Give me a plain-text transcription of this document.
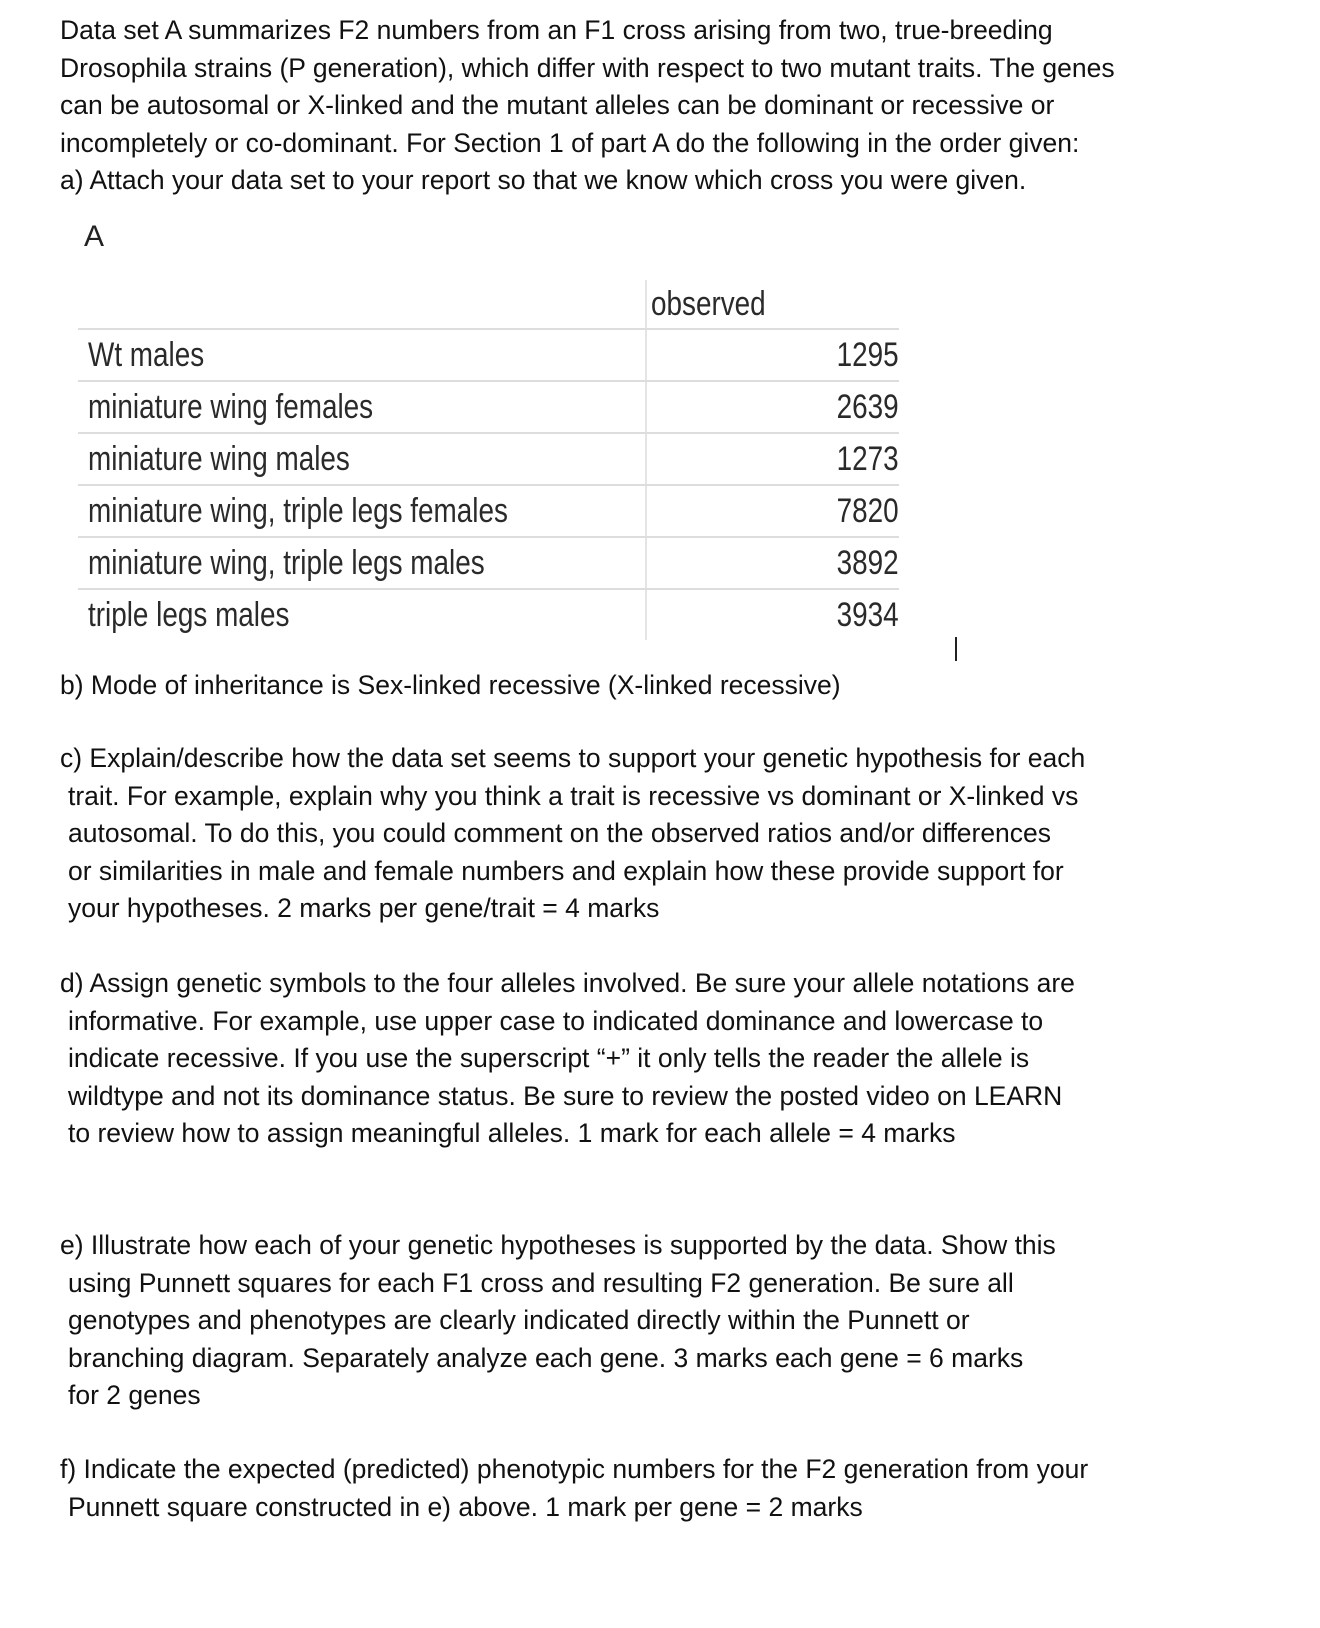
Data set A summarizes F2 numbers from an F1 cross arising from two, true-breeding
Drosophila strains (P generation), which differ with respect to two mutant traits. The genes
can be autosomal or X-linked and the mutant alleles can be dominant or recessive or
incompletely or co-dominant. For Section 1 of part A do the following in the order given:
a) Attach your data set to your report so that we know which cross you were given.
A
	observed
Wt males	1295
miniature wing females	2639
miniature wing males	1273
miniature wing, triple legs females	7820
miniature wing, triple legs males	3892
triple legs males	3934
b) Mode of inheritance is Sex-linked recessive (X-linked recessive)
c) Explain/describe how the data set seems to support your genetic hypothesis for each
trait. For example, explain why you think a trait is recessive vs dominant or X-linked vs
autosomal. To do this, you could comment on the observed ratios and/or differences
or similarities in male and female numbers and explain how these provide support for
your hypotheses. 2 marks per gene/trait = 4 marks
d) Assign genetic symbols to the four alleles involved. Be sure your allele notations are
informative. For example, use upper case to indicated dominance and lowercase to
indicate recessive. If you use the superscript “+” it only tells the reader the allele is
wildtype and not its dominance status. Be sure to review the posted video on LEARN
to review how to assign meaningful alleles. 1 mark for each allele = 4 marks
e) Illustrate how each of your genetic hypotheses is supported by the data. Show this
using Punnett squares for each F1 cross and resulting F2 generation. Be sure all
genotypes and phenotypes are clearly indicated directly within the Punnett or
branching diagram. Separately analyze each gene. 3 marks each gene = 6 marks
for 2 genes
f) Indicate the expected (predicted) phenotypic numbers for the F2 generation from your
Punnett square constructed in e) above. 1 mark per gene = 2 marks
